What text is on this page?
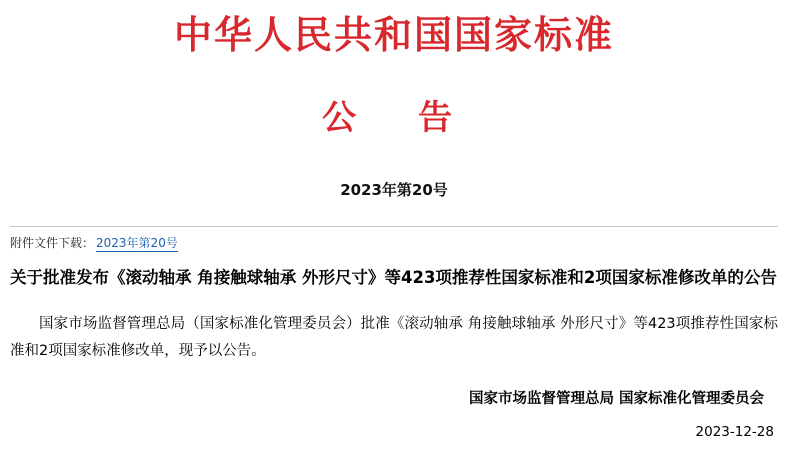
中华人民共和国国家标准
公　告
2023年第20号
附件文件下载： 2023年第20号
关于批准发布《滚动轴承 角接触球轴承 外形尺寸》等423项推荐性国家标准和2项国家标准修改单的公告
国家市场监督管理总局（国家标准化管理委员会）批准《滚动轴承 角接触球轴承 外形尺寸》等423项推荐性国家标准和2项国家标准修改单，现予以公告。
国家市场监督管理总局 国家标准化管理委员会
2023-12-28
